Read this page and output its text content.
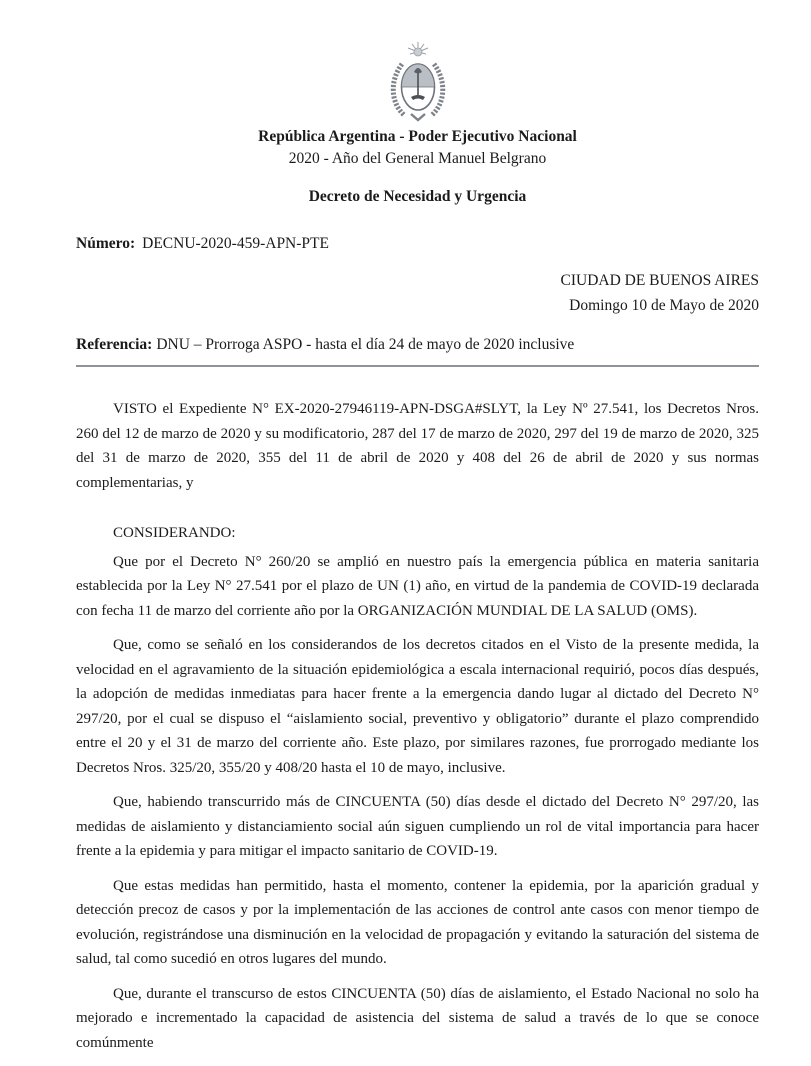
República Argentina - Poder Ejecutivo Nacional
2020 - Año del General Manuel Belgrano
Decreto de Necesidad y Urgencia
Número: DECNU-2020-459-APN-PTE
CIUDAD DE BUENOS AIRES
Domingo 10 de Mayo de 2020
Referencia: DNU – Prorroga ASPO - hasta el día 24 de mayo de 2020 inclusive

VISTO el Expediente N° EX-2020-27946119-APN-DSGA#SLYT, la Ley Nº 27.541, los Decretos Nros. 260 del 12 de marzo de 2020 y su modificatorio, 287 del 17 de marzo de 2020, 297 del 19 de marzo de 2020, 325 del 31 de marzo de 2020, 355 del 11 de abril de 2020 y 408 del 26 de abril de 2020 y sus normas complementarias, y

CONSIDERANDO:

Que por el Decreto N° 260/20 se amplió en nuestro país la emergencia pública en materia sanitaria establecida por la Ley N° 27.541 por el plazo de UN (1) año, en virtud de la pandemia de COVID-19 declarada con fecha 11 de marzo del corriente año por la ORGANIZACIÓN MUNDIAL DE LA SALUD (OMS).

Que, como se señaló en los considerandos de los decretos citados en el Visto de la presente medida, la velocidad en el agravamiento de la situación epidemiológica a escala internacional requirió, pocos días después, la adopción de medidas inmediatas para hacer frente a la emergencia dando lugar al dictado del Decreto N° 297/20, por el cual se dispuso el “aislamiento social, preventivo y obligatorio” durante el plazo comprendido entre el 20 y el 31 de marzo del corriente año. Este plazo, por similares razones, fue prorrogado mediante los Decretos Nros. 325/20, 355/20 y 408/20 hasta el 10 de mayo, inclusive.

Que, habiendo transcurrido más de CINCUENTA (50) días desde el dictado del Decreto N° 297/20, las medidas de aislamiento y distanciamiento social aún siguen cumpliendo un rol de vital importancia para hacer frente a la epidemia y para mitigar el impacto sanitario de COVID-19.

Que estas medidas han permitido, hasta el momento, contener la epidemia, por la aparición gradual y detección precoz de casos y por la implementación de las acciones de control ante casos con menor tiempo de evolución, registrándose una disminución en la velocidad de propagación y evitando la saturación del sistema de salud, tal como sucedió en otros lugares del mundo.

Que, durante el transcurso de estos CINCUENTA (50) días de aislamiento, el Estado Nacional no solo ha mejorado e incrementado la capacidad de asistencia del sistema de salud a través de lo que se conoce comúnmente
